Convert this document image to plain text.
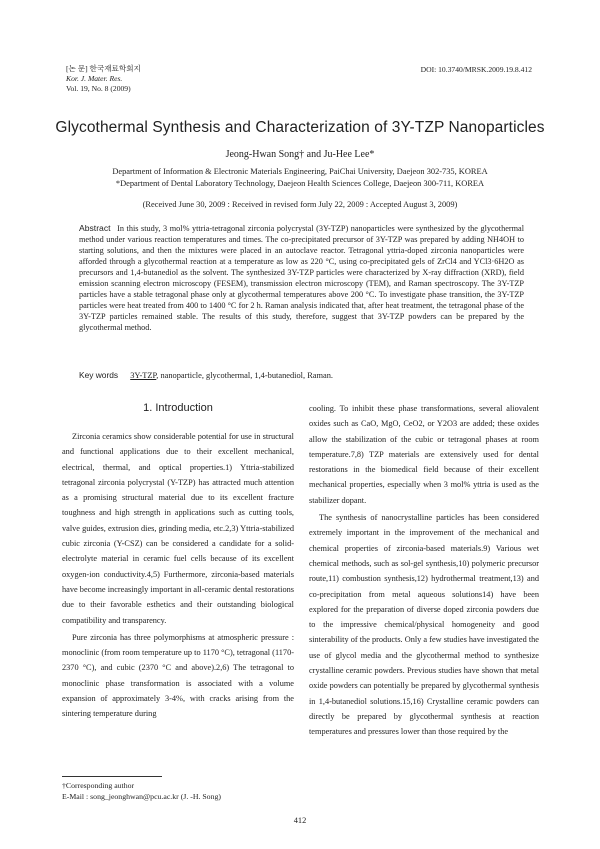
[논 문] 한국재료학회지
Kor. J. Mater. Res.
Vol. 19, No. 8 (2009)
DOI: 10.3740/MRSK.2009.19.8.412
Glycothermal Synthesis and Characterization of 3Y-TZP Nanoparticles
Jeong-Hwan Song† and Ju-Hee Lee*
Department of Information & Electronic Materials Engineering, PaiChai University, Daejeon 302-735, KOREA
*Department of Dental Laboratory Technology, Daejeon Health Sciences College, Daejeon 300-711, KOREA
(Received June 30, 2009 : Received in revised form July 22, 2009 : Accepted August 3, 2009)
Abstract In this study, 3 mol% yttria-tetragonal zirconia polycrystal (3Y-TZP) nanoparticles were synthesized by the glycothermal method under various reaction temperatures and times. The co-precipitated precursor of 3Y-TZP was prepared by adding NH4OH to starting solutions, and then the mixtures were placed in an autoclave reactor. Tetragonal yttria-doped zirconia nanoparticles were afforded through a glycothermal reaction at a temperature as low as 220 °C, using co-precipitated gels of ZrCl4 and YCl3·6H2O as precursors and 1,4-butanediol as the solvent. The synthesized 3Y-TZP particles were characterized by X-ray diffraction (XRD), field emission scanning electron microscopy (FESEM), transmission electron microscopy (TEM), and Raman spectroscopy. The 3Y-TZP particles have a stable tetragonal phase only at glycothermal temperatures above 200 °C. To investigate phase transition, the 3Y-TZP particles were heat treated from 400 to 1400 °C for 2 h. Raman analysis indicated that, after heat treatment, the tetragonal phase of the 3Y-TZP particles remained stable. The results of this study, therefore, suggest that 3Y-TZP powders can be prepared by the glycothermal method.
Key words 3Y-TZP, nanoparticle, glycothermal, 1,4-butanediol, Raman.
1. Introduction

Zirconia ceramics show considerable potential for use in structural and functional applications due to their excellent mechanical, electrical, thermal, and optical properties.1) Yttria-stabilized tetragonal zirconia polycrystal (Y-TZP) has attracted much attention as a promising structural material due to its excellent fracture toughness and high strength in applications such as cutting tools, valve guides, extrusion dies, grinding media, etc.2,3) Yttria-stabilized cubic zirconia (Y-CSZ) can be considered a candidate for a solid-electrolyte material in ceramic fuel cells because of its excellent oxygen-ion conductivity.4,5) Furthermore, zirconia-based materials have become increasingly important in all-ceramic dental restorations due to their favorable esthetics and their outstanding biological compatibility and transparency.

Pure zirconia has three polymorphisms at atmospheric pressure : monoclinic (from room temperature up to 1170 °C), tetragonal (1170-2370 °C), and cubic (2370 °C and above).2,6) The tetragonal to monoclinic phase transformation is associated with a volume expansion of approximately 3-4%, with cracks arising from the sintering temperature during

cooling. To inhibit these phase transformations, several aliovalent oxides such as CaO, MgO, CeO2, or Y2O3 are added; these oxides allow the stabilization of the cubic or tetragonal phases at room temperature.7,8) TZP materials are extensively used for dental restorations in the biomedical field because of their excellent mechanical properties, especially when 3 mol% yttria is used as the stabilizer dopant.

The synthesis of nanocrystalline particles has been considered extremely important in the improvement of the mechanical and chemical properties of zirconia-based materials.9) Various wet chemical methods, such as sol-gel synthesis,10) polymeric precursor route,11) combustion synthesis,12) hydrothermal treatment,13) and co-precipitation from metal aqueous solutions14) have been explored for the preparation of diverse doped zirconia powders due to the impressive chemical/physical homogeneity and good sinterability of the products. Only a few studies have investigated the use of glycol media and the glycothermal method to synthesize crystalline ceramic powders. Previous studies have shown that metal oxide powders can potentially be prepared by glycothermal synthesis in 1,4-butanediol solutions.15,16) Crystalline ceramic powders can directly be prepared by glycothermal synthesis at reaction temperatures and pressures lower than those required by the

†Corresponding author
E-Mail : song_jeonghwan@pcu.ac.kr (J. -H. Song)
412
